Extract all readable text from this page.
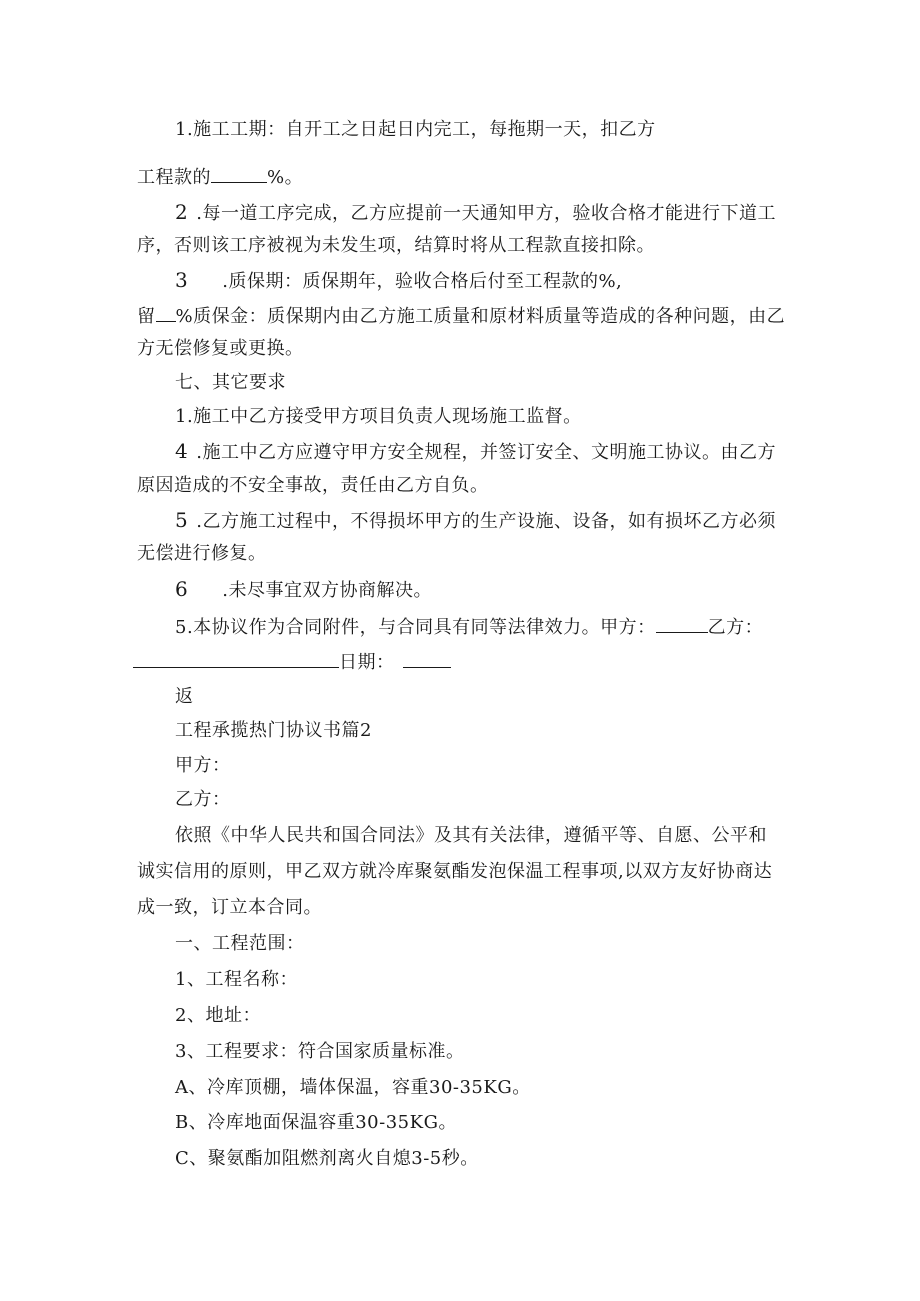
1.施工工期：自开工之日起日内完工，每拖期一天，扣乙方
工程款的	%。
2 .每一道工序完成，乙方应提前一天通知甲方，验收合格才能进行下道工
序，否则该工序被视为未发生项，结算时将从工程款直接扣除。
3 .质保期：质保期年，验收合格后付至工程款的%,
留 %质保金：质保期内由乙方施工质量和原材料质量等造成的各种问题，由乙
方无偿修复或更换。
七、其它要求
1.施工中乙方接受甲方项目负责人现场施工监督。
4 .施工中乙方应遵守甲方安全规程，并签订安全、文明施工协议。由乙方
原因造成的不安全事故，责任由乙方自负。
5 .乙方施工过程中，不得损坏甲方的生产设施、设备，如有损坏乙方必须
无偿进行修复。
6 .未尽事宜双方协商解决。
5.本协议作为合同附件，与合同具有同等法律效力。甲方：	乙方：
日期：
返
工程承揽热门协议书篇2
甲方：
乙方：
依照《中华人民共和国合同法》及其有关法律，遵循平等、自愿、公平和
诚实信用的原则，甲乙双方就冷库聚氨酯发泡保温工程事项,以双方友好协商达
成一致，订立本合同。
一、工程范围：
1、工程名称：
2、地址：
3、工程要求：符合国家质量标准。
A、冷库顶棚，墙体保温，容重30-35KG。
B、冷库地面保温容重30-35KG。
C、聚氨酯加阻燃剂离火自熄3-5秒。
